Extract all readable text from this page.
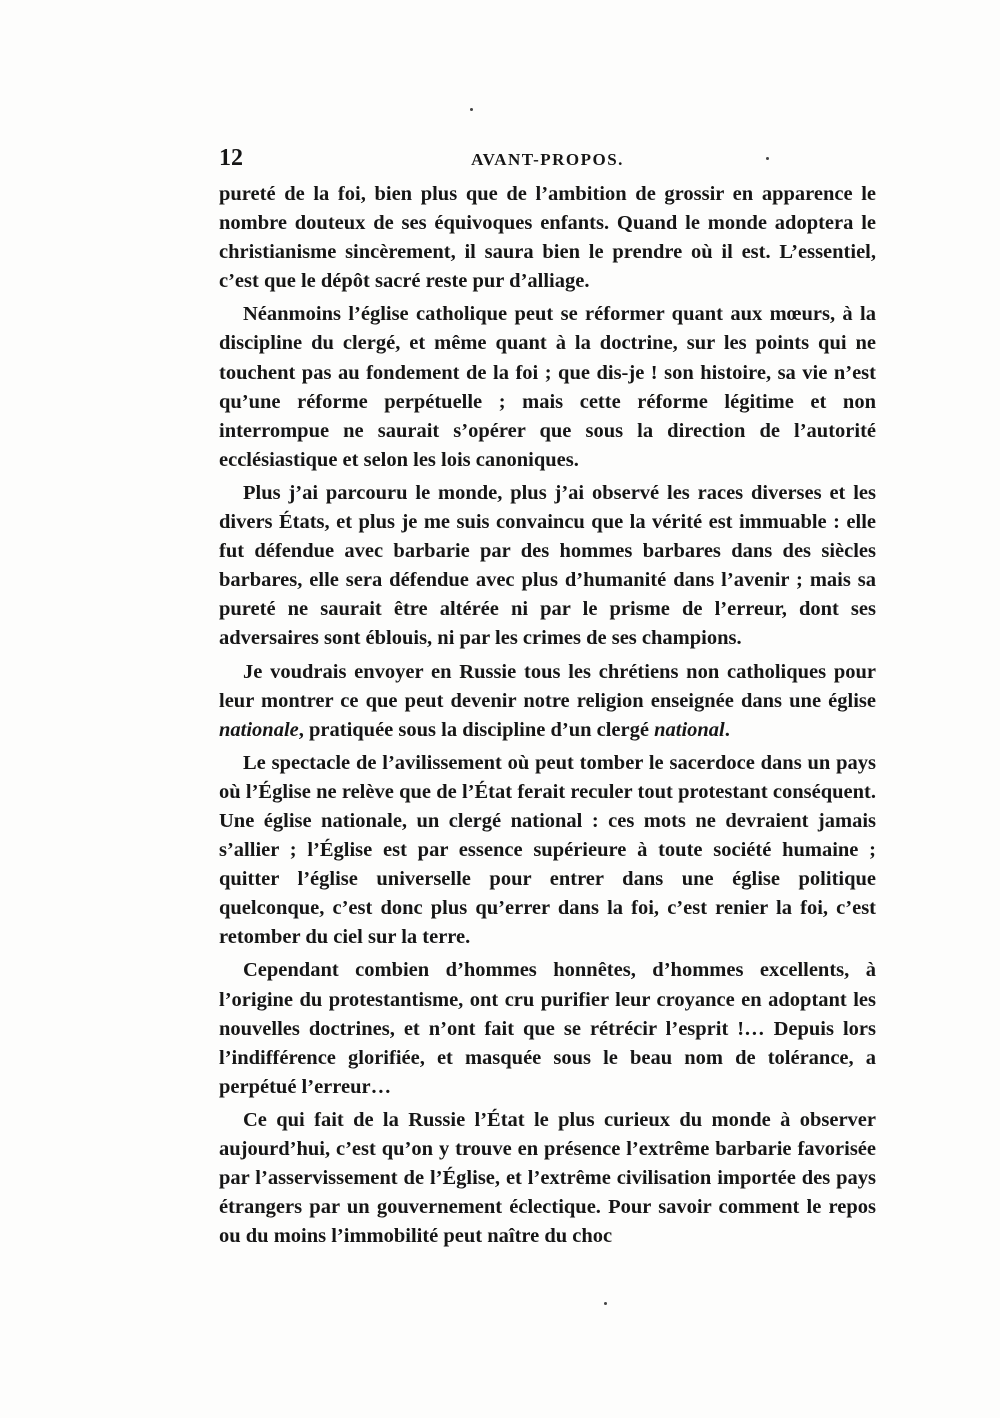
12	AVANT-PROPOS.

pureté de la foi, bien plus que de l’ambition de grossir en apparence le nombre douteux de ses équivoques enfants. Quand le monde adoptera le christianisme sincèrement, il saura bien le prendre où il est. L’essentiel, c’est que le dépôt sacré reste pur d’alliage.

Néanmoins l’église catholique peut se réformer quant aux mœurs, à la discipline du clergé, et même quant à la doctrine, sur les points qui ne touchent pas au fondement de la foi ; que dis-je ! son histoire, sa vie n’est qu’une réforme perpétuelle ; mais cette réforme légitime et non interrompue ne saurait s’opérer que sous la direction de l’autorité ecclésiastique et selon les lois canoniques.

Plus j’ai parcouru le monde, plus j’ai observé les races diverses et les divers États, et plus je me suis convaincu que la vérité est immuable : elle fut défendue avec barbarie par des hommes barbares dans des siècles barbares, elle sera défendue avec plus d’humanité dans l’avenir ; mais sa pureté ne saurait être altérée ni par le prisme de l’erreur, dont ses adversaires sont éblouis, ni par les crimes de ses champions.

Je voudrais envoyer en Russie tous les chrétiens non catholiques pour leur montrer ce que peut devenir notre religion enseignée dans une église nationale, pratiquée sous la discipline d’un clergé national.

Le spectacle de l’avilissement où peut tomber le sacerdoce dans un pays où l’Église ne relève que de l’État ferait reculer tout protestant conséquent. Une église nationale, un clergé national : ces mots ne devraient jamais s’allier ; l’Église est par essence supérieure à toute société humaine ; quitter l’église universelle pour entrer dans une église politique quelconque, c’est donc plus qu’errer dans la foi, c’est renier la foi, c’est retomber du ciel sur la terre.

Cependant combien d’hommes honnêtes, d’hommes excellents, à l’origine du protestantisme, ont cru purifier leur croyance en adoptant les nouvelles doctrines, et n’ont fait que se rétrécir l’esprit !… Depuis lors l’indifférence glorifiée, et masquée sous le beau nom de tolérance, a perpétué l’erreur…

Ce qui fait de la Russie l’État le plus curieux du monde à observer aujourd’hui, c’est qu’on y trouve en présence l’extrême barbarie favorisée par l’asservissement de l’Église, et l’extrême civilisation importée des pays étrangers par un gouvernement éclectique. Pour savoir comment le repos ou du moins l’immobilité peut naître du choc
